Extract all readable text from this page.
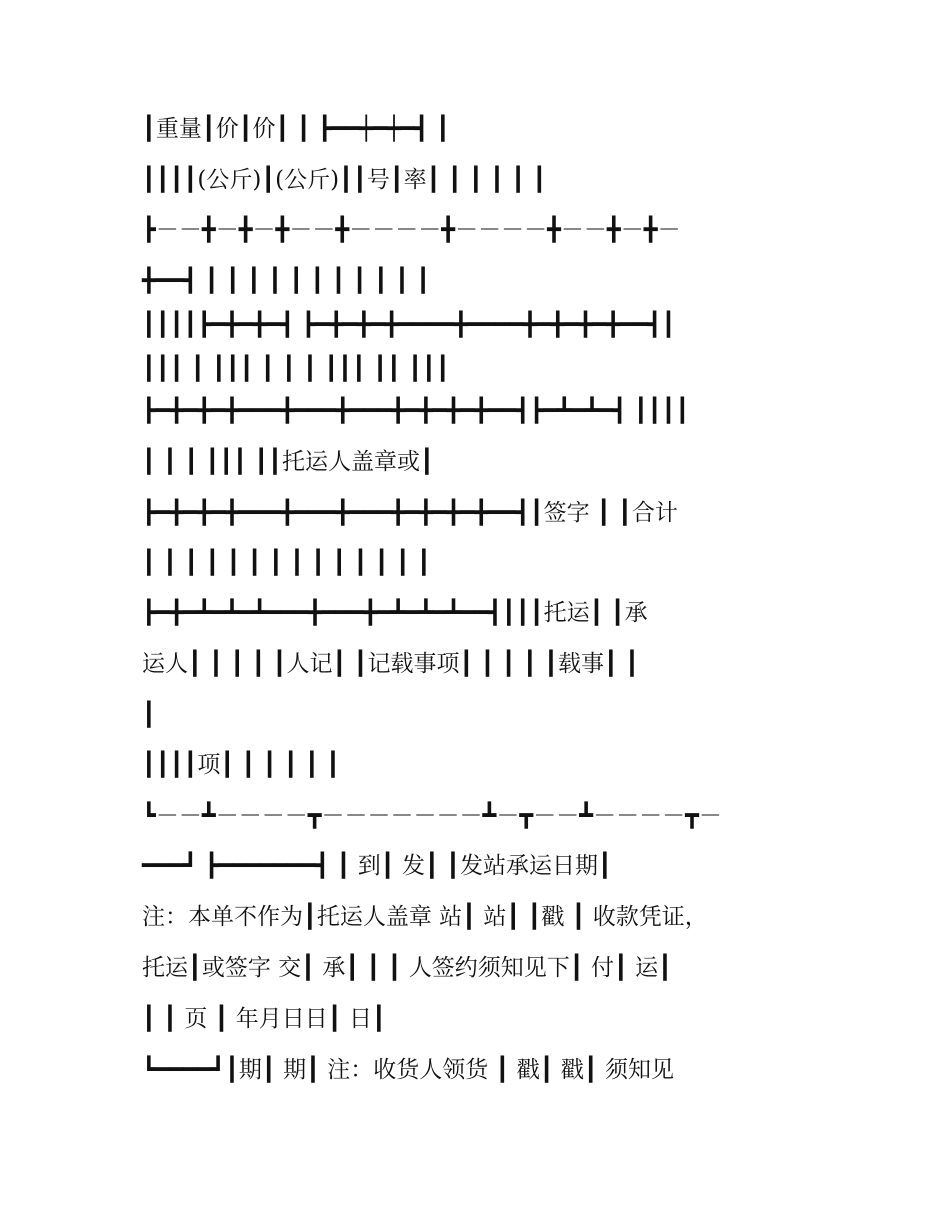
┃重量┃价┃价┃ ┃ ┣━━┿━┿━┫ ┃
┃┃┃┃(公斤)┃(公斤)┃┃号┃率┃ ┃ ┃ ┃ ┃ ┃
┣－－╋－╋－╋－－╋－－－－╋－－－－╋－－╋－╋－
╋━━┫ ┃ ┃ ┃ ┃ ┃ ┃ ┃ ┃ ┃ ┃ ┃
┃┃┃┃┣━╋━╋━┫ ┣━╋━╋━╋━━━━╋━━━━╋━╋━╋━╋━━┫┃
┃┃┃ ┃ ┃┃┃ ┃ ┃ ┃ ┃┃┃ ┃┃ ┃┃┃
┣━╋━╋━╋━━━╋━━━╋━━━╋━╋━╋━╋━━┫┣━┻━┻━┫ ┃┃┃┃
┃ ┃ ┃ ┃┃┃ ┃┃托运人盖章或┃
┣━╋━╋━╋━━━╋━━━╋━━━╋━╋━╋━╋━━┫┃签字 ┃ ┃合计
┃ ┃ ┃ ┃ ┃ ┃ ┃ ┃ ┃ ┃ ┃ ┃ ┃ ┃
┣━╋━┻━┻━┻━━━╋━━━╋━┻━┻━┻━━┫┃┃┃托运┃ ┃承
运人┃ ┃ ┃ ┃ ┃人记┃ ┃记载事项┃ ┃ ┃ ┃ ┃载事┃ ┃
┃
┃┃┃┃项┃ ┃ ┃ ┃ ┃ ┃
┗－－┻－－－－┳－－－－－－－┻－┳－－┻－－－－┳－
━━━┛ ┣━━━━━━━┫ ┃ 到┃ 发┃ ┃发站承运日期┃
注：本单不作为┃托运人盖章 站┃ 站┃ ┃戳 ┃ 收款凭证，
托运┃或签字 交┃ 承┃ ┃ ┃ 人签约须知见下┃ 付┃ 运┃
┃ ┃ 页 ┃ 年月日日┃ 日┃
┗━━━━┛┃期┃ 期┃ 注：收货人领货 ┃ 戳┃ 戳┃ 须知见
